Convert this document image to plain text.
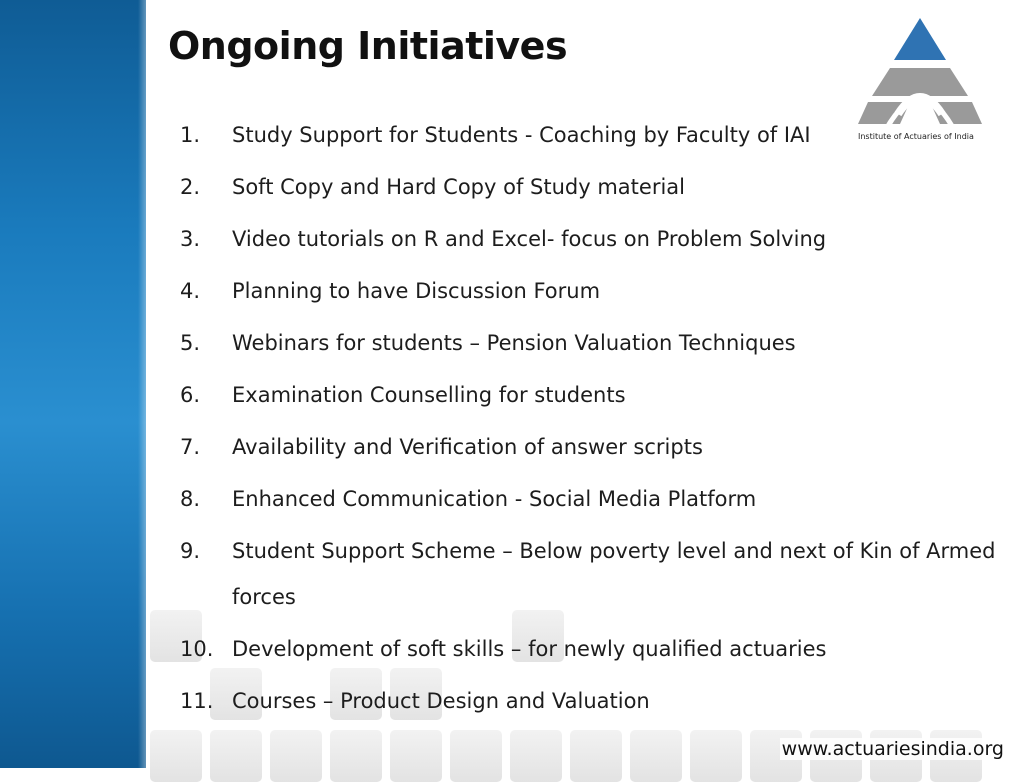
Ongoing Initiatives
Institute of Actuaries of India
1.	Study Support for Students - Coaching by Faculty of IAI
2.	Soft Copy and Hard Copy of Study material
3.	Video tutorials on R and Excel- focus on Problem Solving
4.	Planning to have Discussion Forum
5.	Webinars for students – Pension Valuation Techniques
6.	Examination Counselling for students
7.	Availability and Verification of answer scripts
8.	Enhanced Communication - Social Media Platform
9.	Student Support Scheme – Below poverty level and next of Kin of Armed forces
10. Development of soft skills – for newly qualified actuaries
11. Courses – Product Design and Valuation
www.actuariesindia.org
